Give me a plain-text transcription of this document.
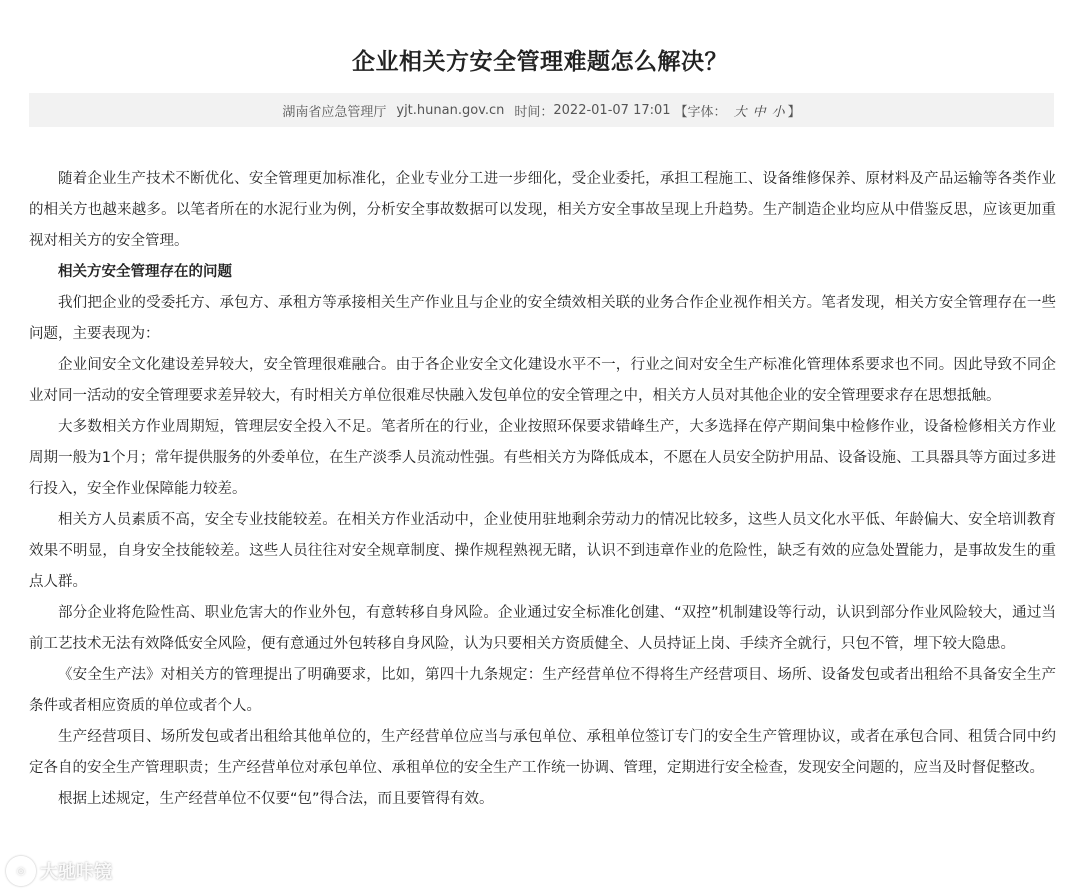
企业相关方安全管理难题怎么解决？
湖南省应急管理厅 yjt.hunan.gov.cn 时间： 2022-01-07 17:01 【字体： 大 中 小 】

随着企业生产技术不断优化、安全管理更加标准化，企业专业分工进一步细化，受企业委托，承担工程施工、设备维修保养、原材料及产品运输等各类作业的相关方也越来越多。以笔者所在的水泥行业为例，分析安全事故数据可以发现，相关方安全事故呈现上升趋势。生产制造企业均应从中借鉴反思，应该更加重视对相关方的安全管理。

相关方安全管理存在的问题

我们把企业的受委托方、承包方、承租方等承接相关生产作业且与企业的安全绩效相关联的业务合作企业视作相关方。笔者发现，相关方安全管理存在一些问题，主要表现为：

企业间安全文化建设差异较大，安全管理很难融合。由于各企业安全文化建设水平不一，行业之间对安全生产标准化管理体系要求也不同。因此导致不同企业对同一活动的安全管理要求差异较大，有时相关方单位很难尽快融入发包单位的安全管理之中，相关方人员对其他企业的安全管理要求存在思想抵触。

大多数相关方作业周期短，管理层安全投入不足。笔者所在的行业，企业按照环保要求错峰生产，大多选择在停产期间集中检修作业，设备检修相关方作业周期一般为1个月；常年提供服务的外委单位，在生产淡季人员流动性强。有些相关方为降低成本，不愿在人员安全防护用品、设备设施、工具器具等方面过多进行投入，安全作业保障能力较差。

相关方人员素质不高，安全专业技能较差。在相关方作业活动中，企业使用驻地剩余劳动力的情况比较多，这些人员文化水平低、年龄偏大、安全培训教育效果不明显，自身安全技能较差。这些人员往往对安全规章制度、操作规程熟视无睹，认识不到违章作业的危险性，缺乏有效的应急处置能力，是事故发生的重点人群。

部分企业将危险性高、职业危害大的作业外包，有意转移自身风险。企业通过安全标准化创建、“双控”机制建设等行动，认识到部分作业风险较大，通过当前工艺技术无法有效降低安全风险，便有意通过外包转移自身风险，认为只要相关方资质健全、人员持证上岗、手续齐全就行，只包不管，埋下较大隐患。

《安全生产法》对相关方的管理提出了明确要求，比如，第四十九条规定：生产经营单位不得将生产经营项目、场所、设备发包或者出租给不具备安全生产条件或者相应资质的单位或者个人。

生产经营项目、场所发包或者出租给其他单位的，生产经营单位应当与承包单位、承租单位签订专门的安全生产管理协议，或者在承包合同、租赁合同中约定各自的安全生产管理职责；生产经营单位对承包单位、承租单位的安全生产工作统一协调、管理，定期进行安全检查，发现安全问题的，应当及时督促整改。

根据上述规定，生产经营单位不仅要“包”得合法，而且要管得有效。

◎ 大驰咔镜
